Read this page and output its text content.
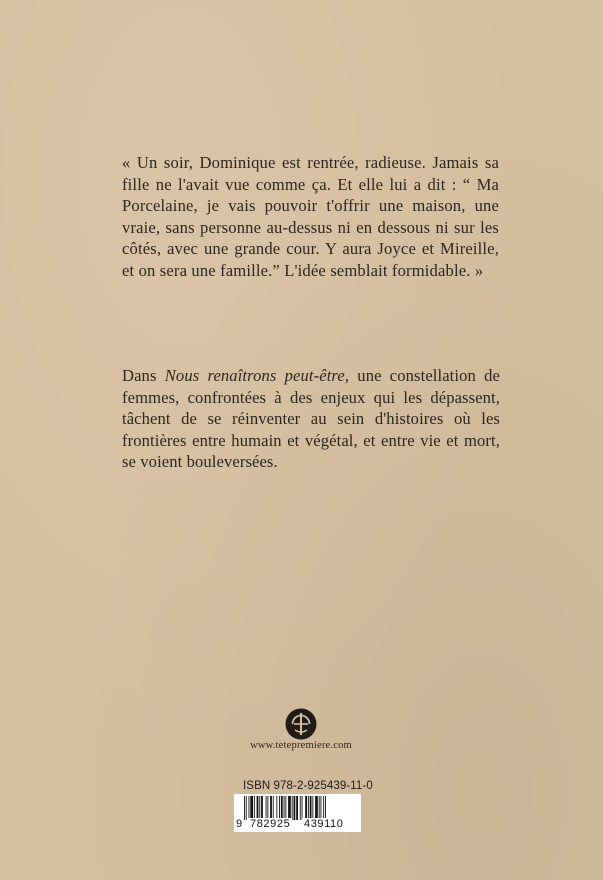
« Un soir, Dominique est rentrée, radieuse. Jamais sa fille ne l'avait vue comme ça. Et elle lui a dit : “ Ma Porcelaine, je vais pouvoir t'offrir une maison, une vraie, sans personne au-dessus ni en dessous ni sur les côtés, avec une grande cour. Y aura Joyce et Mireille, et on sera une famille.” L'idée semblait formidable. »

Dans Nous renaîtrons peut-être, une constellation de femmes, confrontées à des enjeux qui les dépassent, tâchent de se réinventer au sein d'histoires où les frontières entre humain et végétal, et entre vie et mort, se voient bouleversées.

www.tetepremiere.com
ISBN 978-2-925439-11-0
9 782925 439110
